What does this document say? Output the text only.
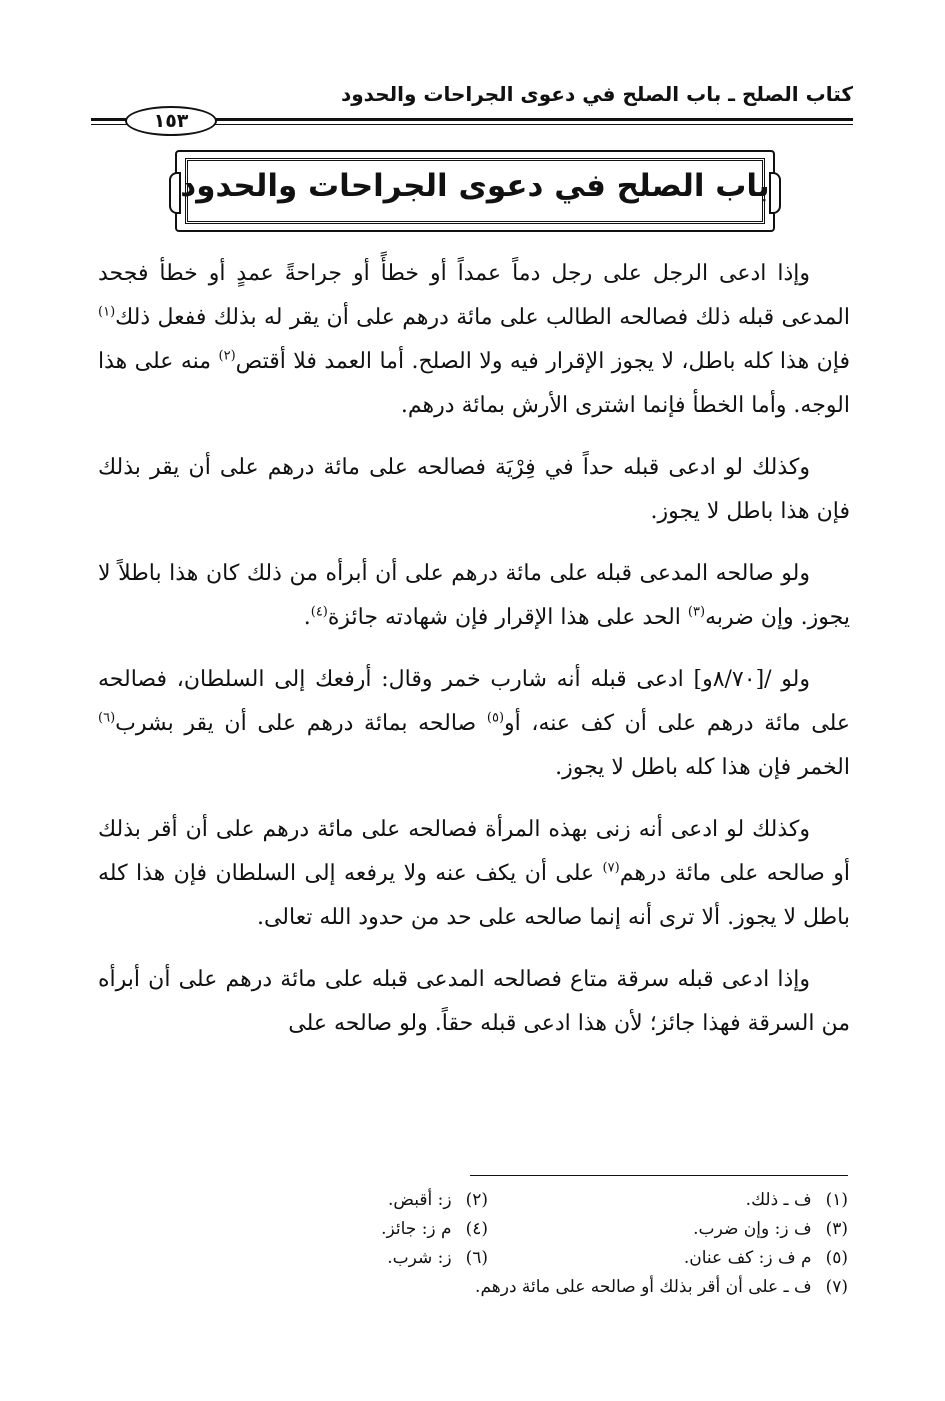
كتاب الصلح ـ باب الصلح في دعوى الجراحات والحدود
١٥٣
باب الصلح في دعوى الجراحات والحدود

وإذا ادعى الرجل على رجل دماً عمداً أو خطأً أو جراحةً عمدٍ أو خطأ فجحد المدعى قبله ذلك فصالحه الطالب على مائة درهم على أن يقر له بذلك ففعل ذلك$^{(١)}$ فإن هذا كله باطل، لا يجوز الإقرار فيه ولا الصلح. أما العمد فلا أقتص$^{(٢)}$ منه على هذا الوجه. وأما الخطأ فإنما اشترى الأرش بمائة درهم.

وكذلك لو ادعى قبله حداً في فِرْيَة فصالحه على مائة درهم على أن يقر بذلك فإن هذا باطل لا يجوز.

ولو صالحه المدعى قبله على مائة درهم على أن أبرأه من ذلك كان هذا باطلاً لا يجوز. وإن ضربه$^{(٣)}$ الحد على هذا الإقرار فإن شهادته جائزة$^{(٤)}$.

ولو /[٨/٧٠و] ادعى قبله أنه شارب خمر وقال: أرفعك إلى السلطان، فصالحه على مائة درهم على أن كف عنه، أو$^{(٥)}$ صالحه بمائة درهم على أن يقر بشرب$^{(٦)}$ الخمر فإن هذا كله باطل لا يجوز.

وكذلك لو ادعى أنه زنى بهذه المرأة فصالحه على مائة درهم على أن أقر بذلك أو صالحه على مائة درهم$^{(٧)}$ على أن يكف عنه ولا يرفعه إلى السلطان فإن هذا كله باطل لا يجوز. ألا ترى أنه إنما صالحه على حد من حدود الله تعالى.

وإذا ادعى قبله سرقة متاع فصالحه المدعى قبله على مائة درهم على أن أبرأه من السرقة فهذا جائز؛ لأن هذا ادعى قبله حقاً. ولو صالحه على

(١)ف ـ ذلك.
(٢)ز: أقبض.
(٣)ف ز: وإن ضرب.
(٤)م ز: جائز.
(٥)م ف ز: كف عنان.
(٦)ز: شرب.
(٧)ف ـ على أن أقر بذلك أو صالحه على مائة درهم.
